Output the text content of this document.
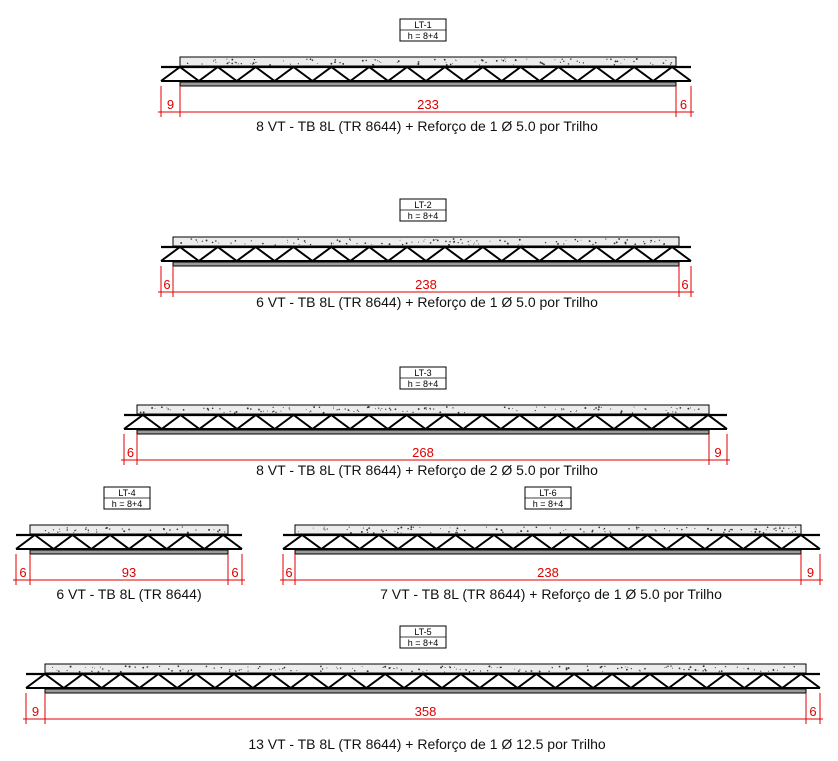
LT-1
h = 8+4
9	233	6
8 VT - TB 8L (TR 8644) + Reforço de 1 Ø 5.0 por Trilho
LT-2
h = 8+4
6	238	6
6 VT - TB 8L (TR 8644) + Reforço de 1 Ø 5.0 por Trilho
LT-3
h = 8+4
6	268	9
8 VT - TB 8L (TR 8644) + Reforço de 2 Ø 5.0 por Trilho
LT-4
h = 8+4
6	93	6
6 VT - TB 8L (TR 8644)
LT-6
h = 8+4
6	238	9
7 VT - TB 8L (TR 8644) + Reforço de 1 Ø 5.0 por Trilho
LT-5
h = 8+4
9	358	6
13 VT - TB 8L (TR 8644) + Reforço de 1 Ø 12.5 por Trilho
